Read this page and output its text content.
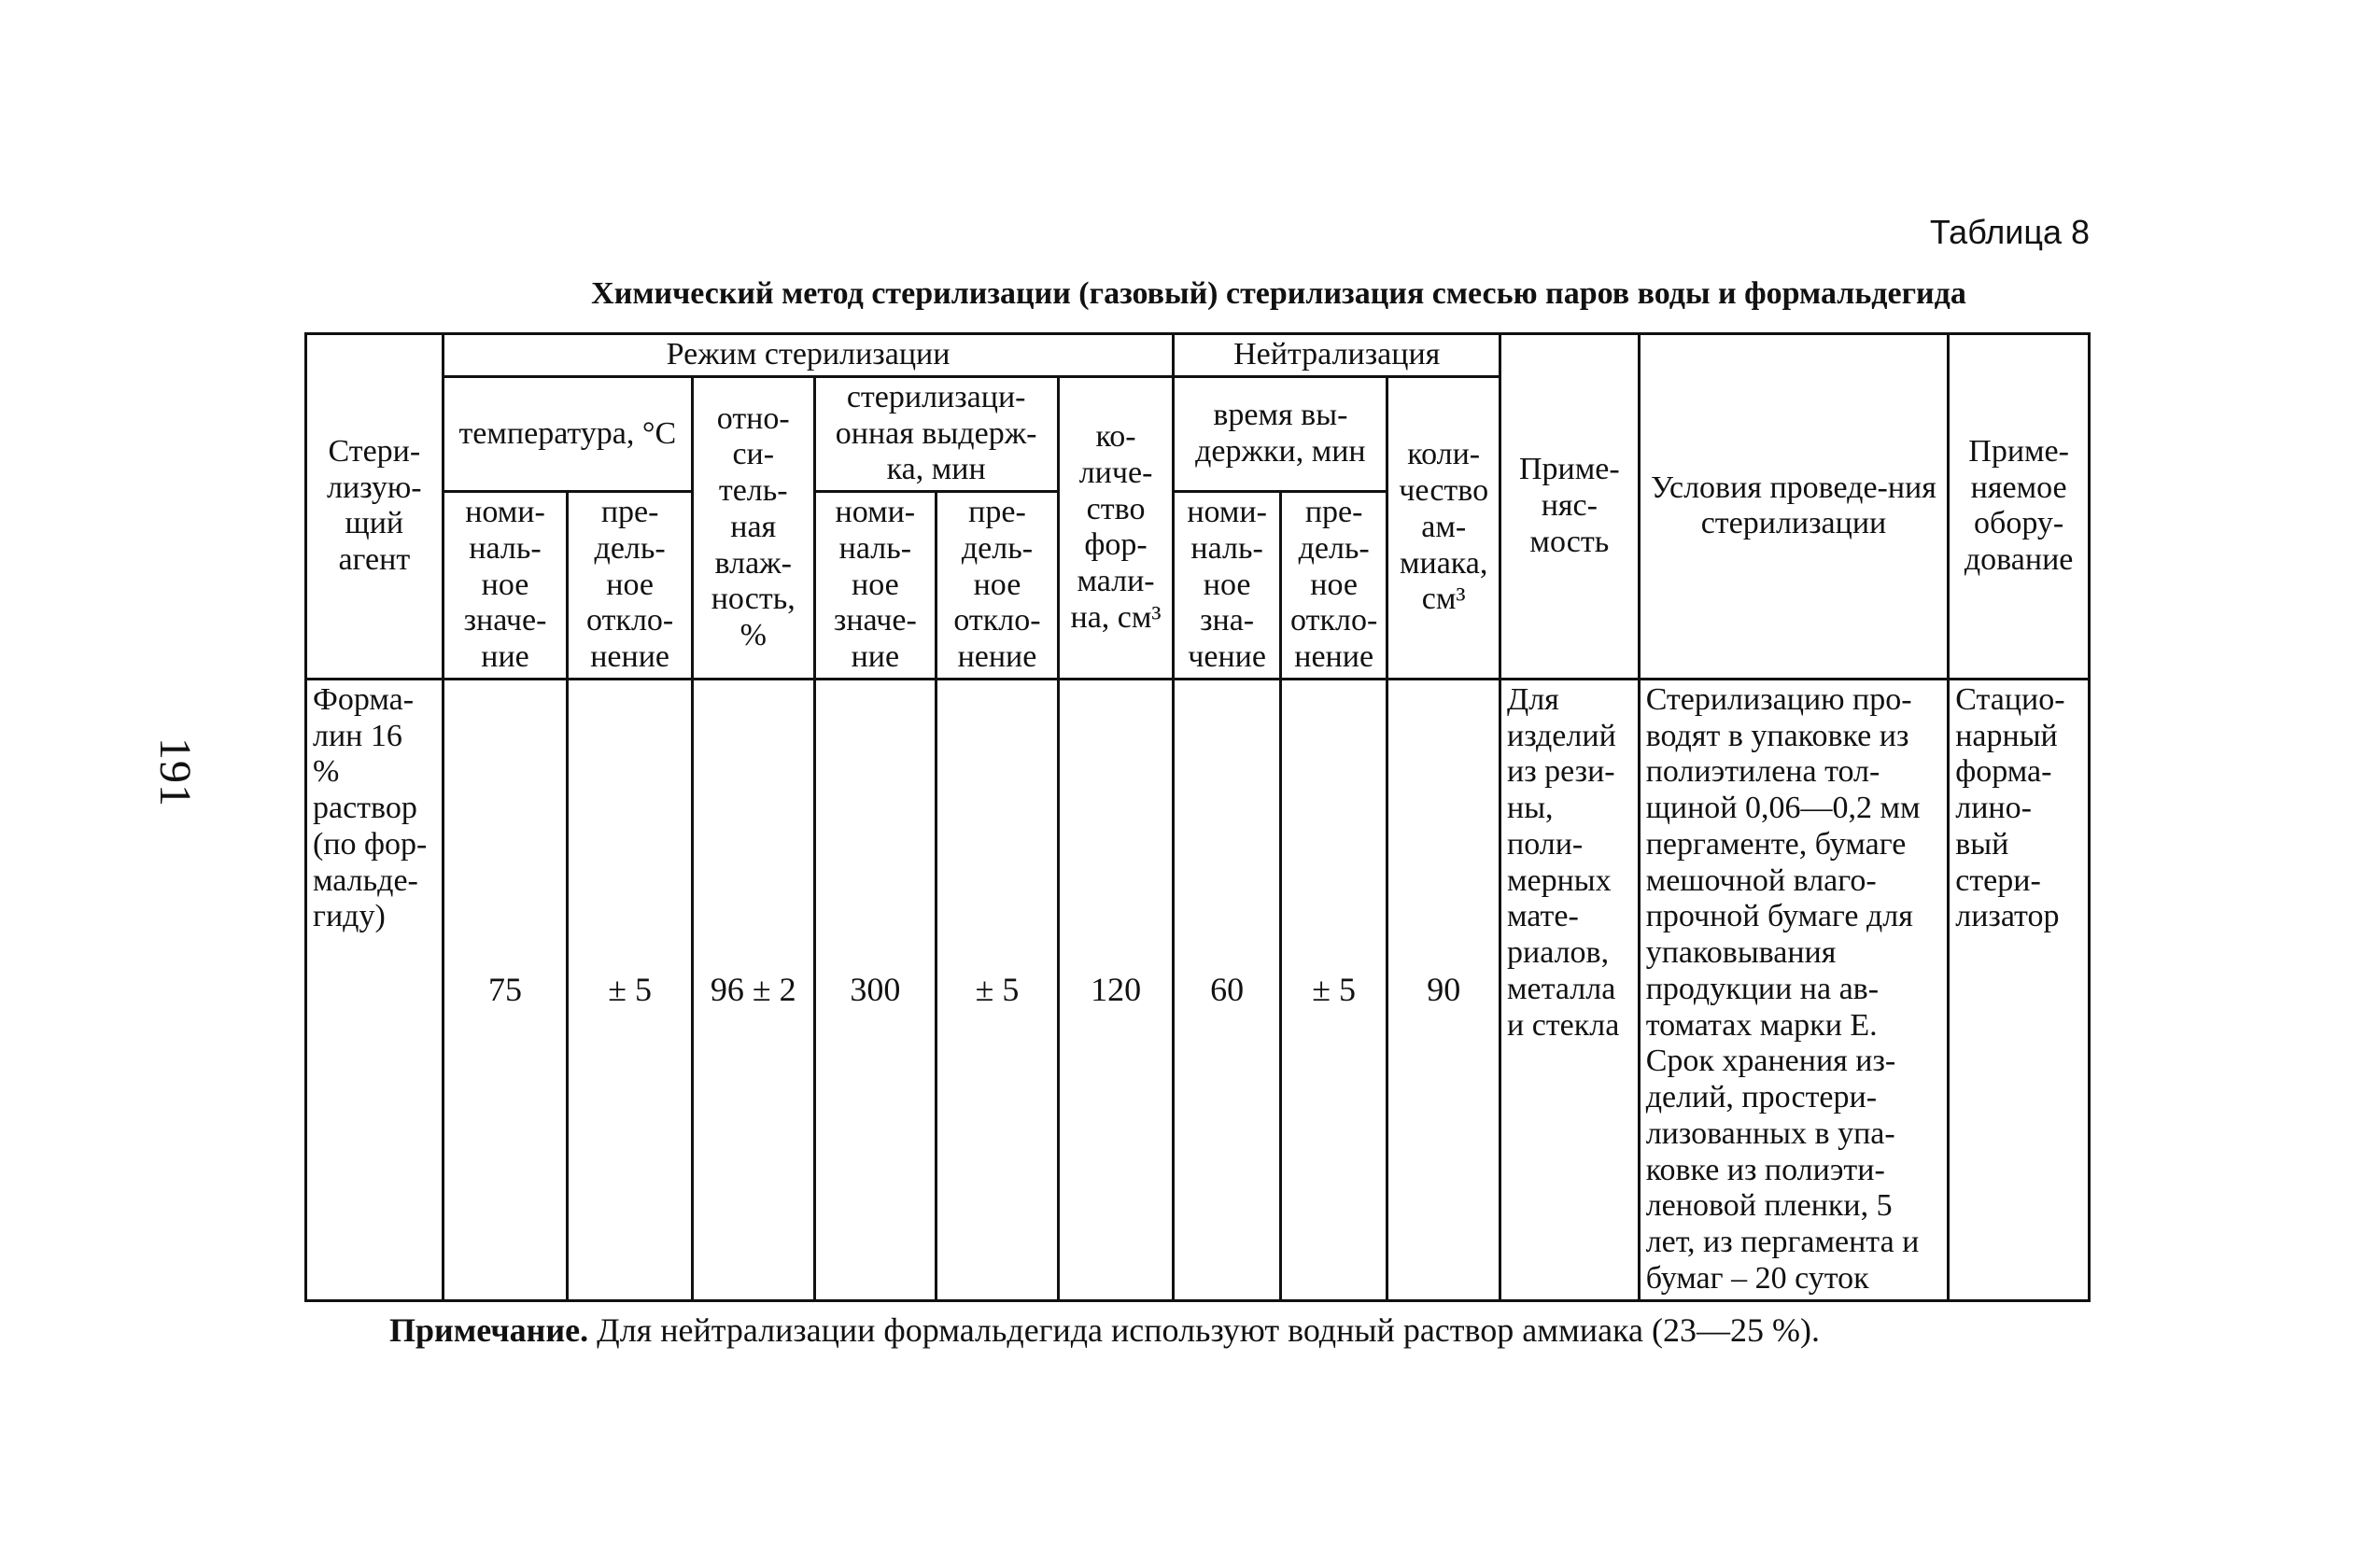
191
Таблица 8
Химический метод стерилизации (газовый) стерилизация смесью паров воды и формальдегида
Стери-лизую-щий агент	Режим стерилизации						Нейтрализация			Приме- няс-мость	Условия проведе-ния стерилизации	Приме-няемое обору-дование
	температура, °С		отно-си-тель-ная влаж-ность, %	стерилизаци-онная выдерж-ка, мин		ко-личе-ство фор-мали-на, см³	время вы-держки, мин		коли-чество ам-миака, см³			
	номи-наль-ное значе-ние	пре-дель-ное откло-нение		номи-наль-ное значе-ние	пре-дель-ное откло-нение		номи-наль-ное зна-чение	пре-дель-ное откло-нение				
Форма-лин 16 % раствор (по фор-мальде-гиду)	75	± 5	96 ± 2	300	± 5	120	60	± 5	90	Для изделий из рези-ны, поли-мерных мате-риалов, металла и стекла	Стерилизацию про-водят в упаковке из полиэтилена тол-щиной 0,06—0,2 мм пергаменте, бумаге мешочной влаго-прочной бумаге для упаковывания продукции на ав-томатах марки Е. Срок хранения из-делий, простери-лизованных в упа-ковке из полиэти-леновой пленки, 5 лет, из пергамента и бумаг – 20 суток	Стацио-нарный форма-лино-вый стери-лизатор
Примечание. Для нейтрализации формальдегида используют водный раствор аммиака (23—25 %).
